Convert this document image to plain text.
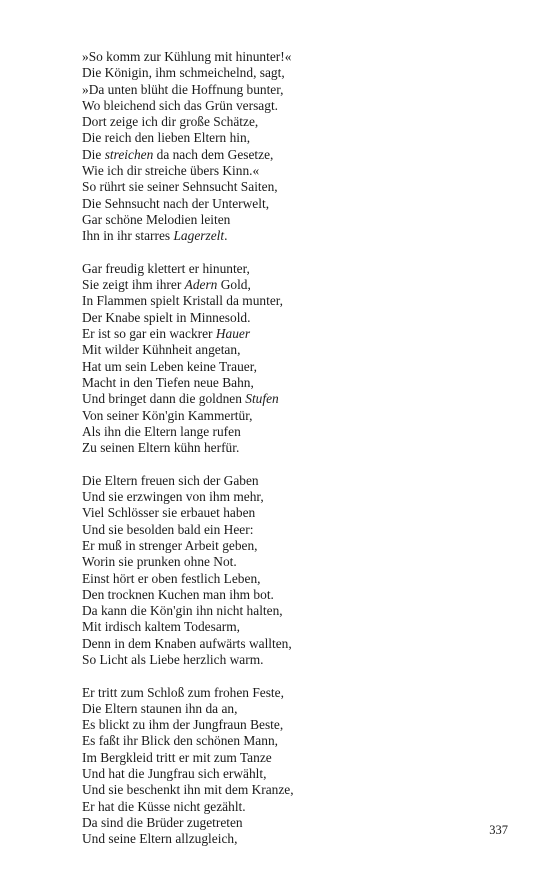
»So komm zur Kühlung mit hinunter!«
Die Königin, ihm schmeichelnd, sagt,
»Da unten blüht die Hoffnung bunter,
Wo bleichend sich das Grün versagt.
Dort zeige ich dir große Schätze,
Die reich den lieben Eltern hin,
Die streichen da nach dem Gesetze,
Wie ich dir streiche übers Kinn.«
So rührt sie seiner Sehnsucht Saiten,
Die Sehnsucht nach der Unterwelt,
Gar schöne Melodien leiten
Ihn in ihr starres Lagerzelt.
Gar freudig klettert er hinunter,
Sie zeigt ihm ihrer Adern Gold,
In Flammen spielt Kristall da munter,
Der Knabe spielt in Minnesold.
Er ist so gar ein wackrer Hauer
Mit wilder Kühnheit angetan,
Hat um sein Leben keine Trauer,
Macht in den Tiefen neue Bahn,
Und bringet dann die goldnen Stufen
Von seiner Kön'gin Kammertür,
Als ihn die Eltern lange rufen
Zu seinen Eltern kühn herfür.
Die Eltern freuen sich der Gaben
Und sie erzwingen von ihm mehr,
Viel Schlösser sie erbauet haben
Und sie besolden bald ein Heer:
Er muß in strenger Arbeit geben,
Worin sie prunken ohne Not.
Einst hört er oben festlich Leben,
Den trocknen Kuchen man ihm bot.
Da kann die Kön'gin ihn nicht halten,
Mit irdisch kaltem Todesarm,
Denn in dem Knaben aufwärts wallten,
So Licht als Liebe herzlich warm.
Er tritt zum Schloß zum frohen Feste,
Die Eltern staunen ihn da an,
Es blickt zu ihm der Jungfraun Beste,
Es faßt ihr Blick den schönen Mann,
Im Bergkleid tritt er mit zum Tanze
Und hat die Jungfrau sich erwählt,
Und sie beschenkt ihn mit dem Kranze,
Er hat die Küsse nicht gezählt.
Da sind die Brüder zugetreten
Und seine Eltern allzugleich,
337
